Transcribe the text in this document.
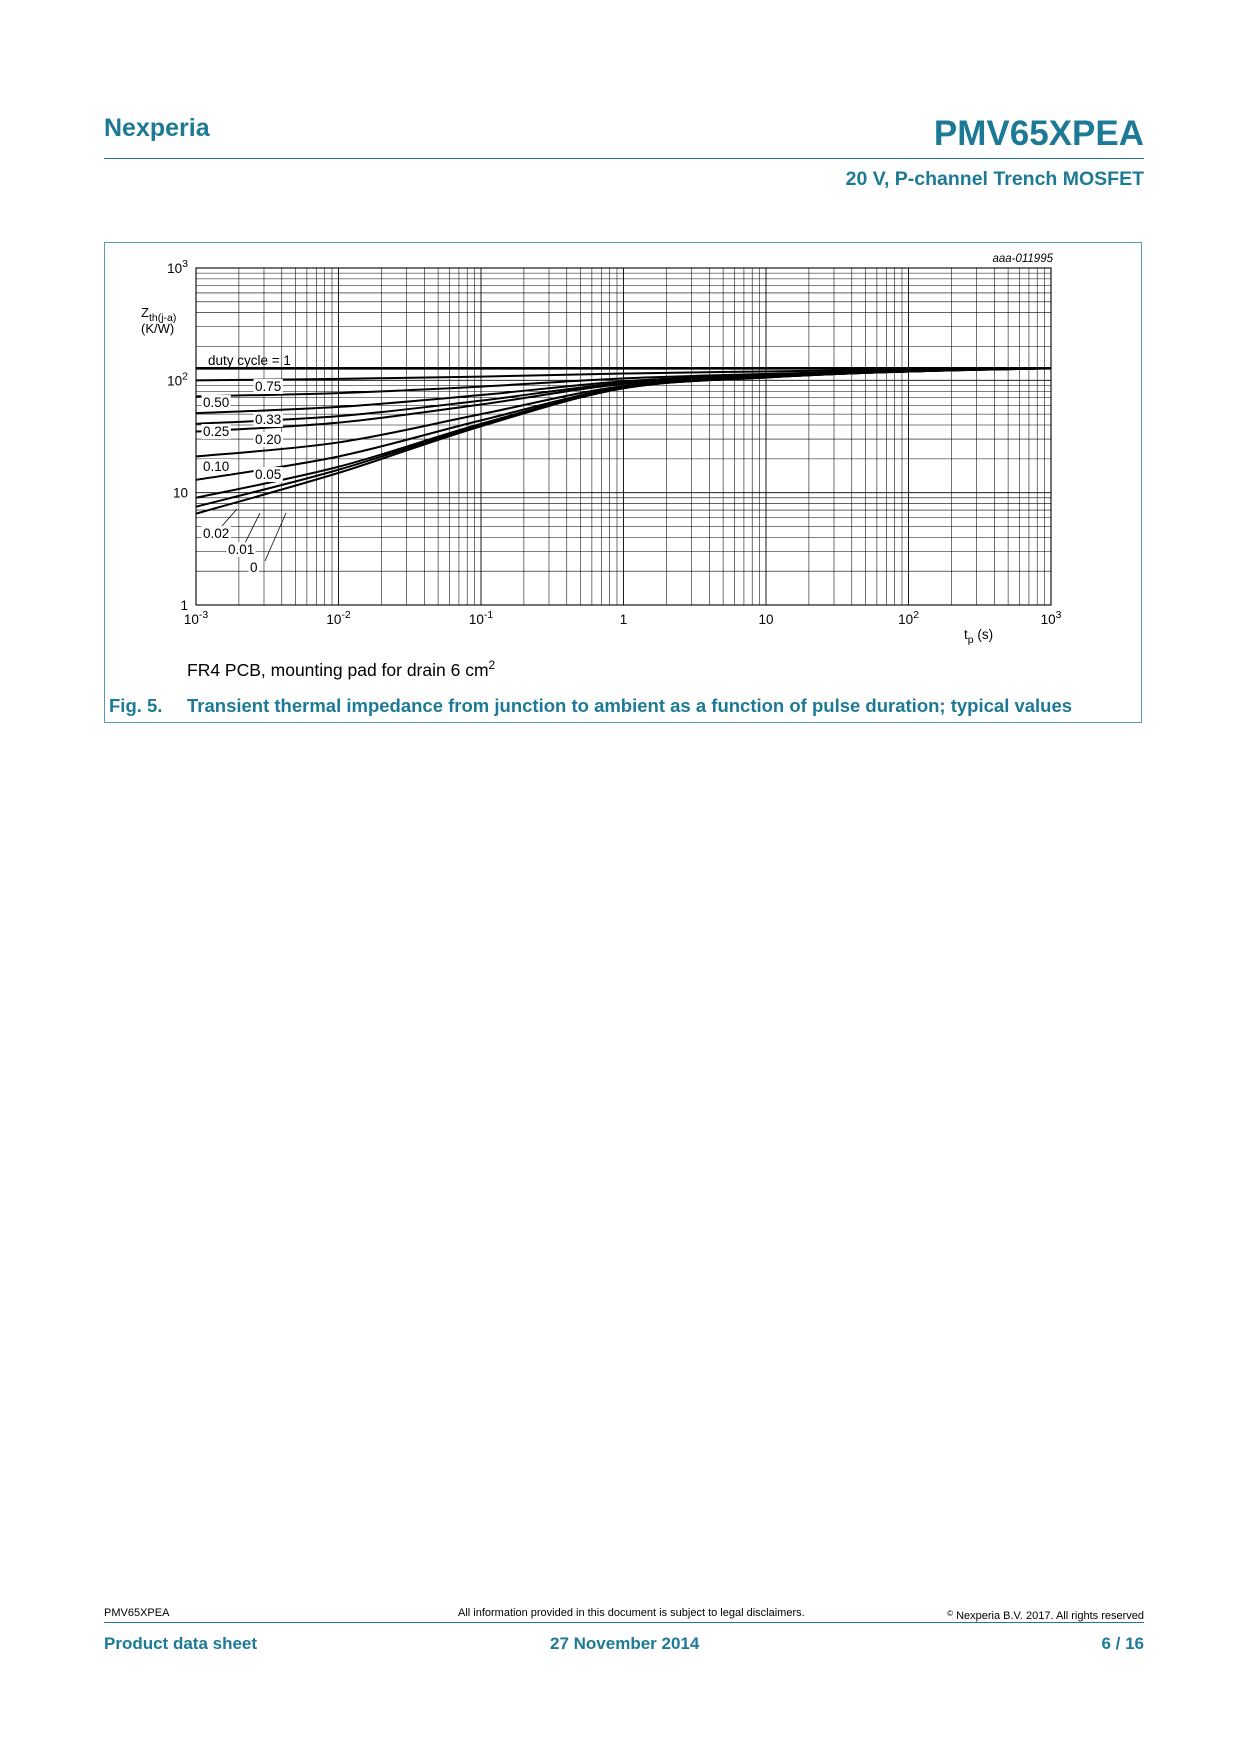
Nexperia	PMV65XPEA
20 V, P-channel Trench MOSFET
duty cycle = 1
0.75
0.50
0.33
0.25
0.20
0.10
0.05
0.02
0.01
0
$10^{-3}$	$10^{-2}$	$10^{-1}$	1	10	$10^2$	$10^3$
1
10
$10^2$
$10^3$	aaa-011995
$Z_{th(j-a)}$
(K/W)
$t_p$ (s)
FR4 PCB, mounting pad for drain 6 $cm^2$
Fig. 5. Transient thermal impedance from junction to ambient as a function of pulse duration; typical values
PMV65XPEA	All information provided in this document is subject to legal disclaimers.	© Nexperia B.V. 2017. All rights reserved
Product data sheet	27 November 2014	6 / 16
